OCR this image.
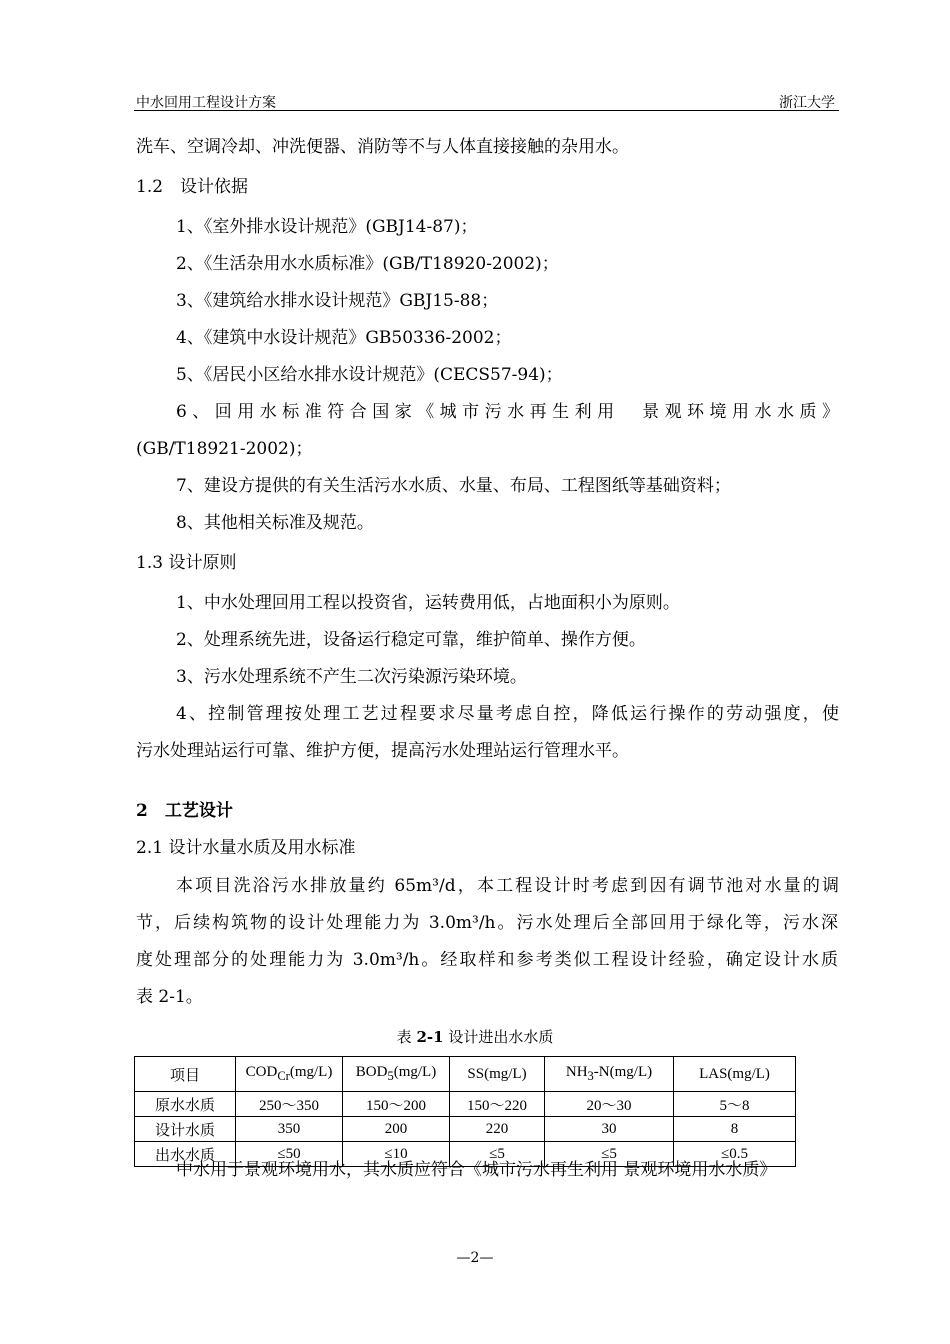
中水回用工程设计方案	浙江大学
洗车、空调冷却、冲洗便器、消防等不与人体直接接触的杂用水。
1.2　设计依据
1、《室外排水设计规范》(GBJ14-87)；
2、《生活杂用水水质标准》(GB/T18920-2002)；
3、《建筑给水排水设计规范》GBJ15-88；
4、《建筑中水设计规范》GB50336-2002；
5、《居民小区给水排水设计规范》(CECS57-94)；
6、回用水标准符合国家《城市污水再生利用　景观环境用水水质》
(GB/T18921-2002)；
7、建设方提供的有关生活污水水质、水量、布局、工程图纸等基础资料；
8、其他相关标准及规范。
1.3 设计原则
1、中水处理回用工程以投资省，运转费用低，占地面积小为原则。
2、处理系统先进，设备运行稳定可靠，维护简单、操作方便。
3、污水处理系统不产生二次污染源污染环境。
4、控制管理按处理工艺过程要求尽量考虑自控，降低运行操作的劳动强度，使
污水处理站运行可靠、维护方便，提高污水处理站运行管理水平。
2　工艺设计
2.1 设计水量水质及用水标准
本项目洗浴污水排放量约 65m³/d，本工程设计时考虑到因有调节池对水量的调
节，后续构筑物的设计处理能力为 3.0m³/h。污水处理后全部回用于绿化等，污水深
度处理部分的处理能力为 3.0m³/h。经取样和参考类似工程设计经验，确定设计水质
表 2-1。
表 2-1 设计进出水水质
项目	$COD_{Cr}(mg/L)$	$BOD_5(mg/L)$	SS(mg/L)	$NH_3-N(mg/L)$	LAS(mg/L)
原水水质	250～350	150～200	150～220	20～30	5～8
设计水质	350	200	220	30	8
出水水质	≤50	≤10	≤5	≤5	≤0.5
中水用于景观环境用水，其水质应符合《城市污水再生利用 景观环境用水水质》
—2—
